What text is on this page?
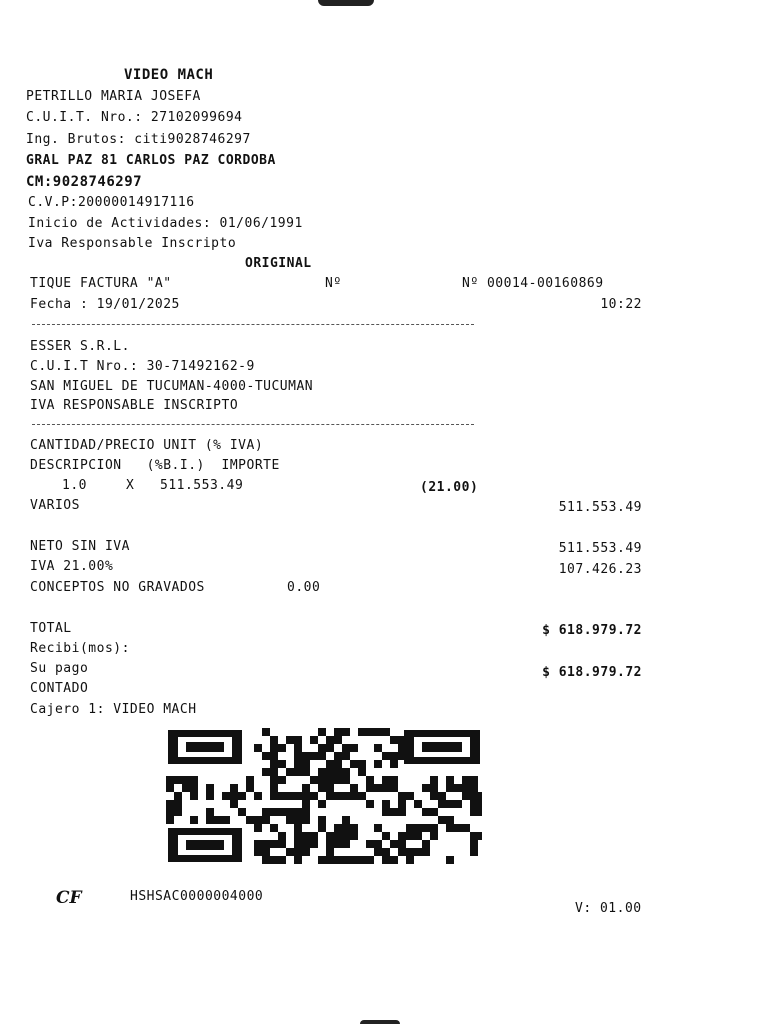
VIDEO MACH
PETRILLO MARIA JOSEFA
C.U.I.T. Nro.: 27102099694
Ing. Brutos: citi9028746297
GRAL PAZ 81 CARLOS PAZ CORDOBA
CM:9028746297
C.V.P:20000014917116
Inicio de Actividades: 01/06/1991
Iva Responsable Inscripto
ORIGINAL
TIQUE FACTURA "A"	Nº	Nº 00014-00160869
Fecha : 19/01/2025	10:22
ESSER S.R.L.
C.U.I.T Nro.: 30-71492162-9
SAN MIGUEL DE TUCUMAN-4000-TUCUMAN
IVA RESPONSABLE INSCRIPTO
CANTIDAD/PRECIO UNIT (% IVA)
DESCRIPCION   (%B.I.)  IMPORTE
1.0	X 511.553.49	(21.00)
VARIOS	511.553.49
NETO SIN IVA	511.553.49
IVA 21.00%	107.426.23
CONCEPTOS NO GRAVADOS	0.00
TOTAL	$ 618.979.72
Recibi(mos):
Su pago	$ 618.979.72
CONTADO
Cajero 1: VIDEO MACH
CF	HSHSAC0000004000
V: 01.00
